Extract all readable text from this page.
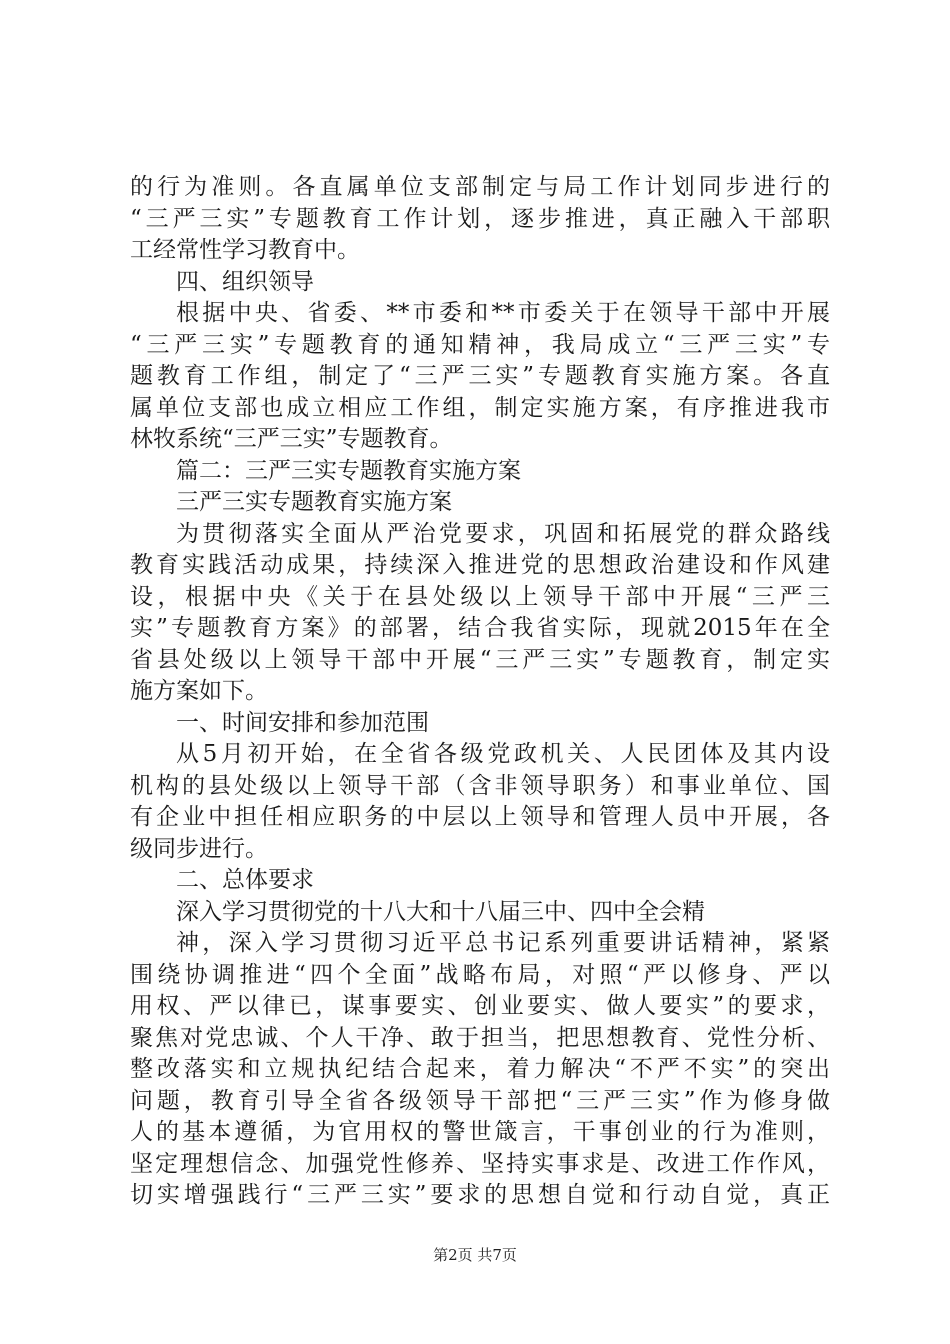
的行为准则。各直属单位支部制定与局工作计划同步进行的
“三严三实”专题教育工作计划，逐步推进，真正融入干部职
工经常性学习教育中。
四、组织领导
根据中央、省委、**市委和**市委关于在领导干部中开展
“三严三实”专题教育的通知精神，我局成立“三严三实”专
题教育工作组，制定了“三严三实”专题教育实施方案。各直
属单位支部也成立相应工作组，制定实施方案，有序推进我市
林牧系统“三严三实”专题教育。
篇二：三严三实专题教育实施方案
三严三实专题教育实施方案
为贯彻落实全面从严治党要求，巩固和拓展党的群众路线
教育实践活动成果，持续深入推进党的思想政治建设和作风建
设，根据中央《关于在县处级以上领导干部中开展“三严三
实”专题教育方案》的部署，结合我省实际，现就2015年在全
省县处级以上领导干部中开展“三严三实”专题教育，制定实
施方案如下。
一、时间安排和参加范围
从5月初开始，在全省各级党政机关、人民团体及其内设
机构的县处级以上领导干部（含非领导职务）和事业单位、国
有企业中担任相应职务的中层以上领导和管理人员中开展，各
级同步进行。
二、总体要求
深入学习贯彻党的十八大和十八届三中、四中全会精
神，深入学习贯彻习近平总书记系列重要讲话精神，紧紧
围绕协调推进“四个全面”战略布局，对照“严以修身、严以
用权、严以律已，谋事要实、创业要实、做人要实”的要求，
聚焦对党忠诚、个人干净、敢于担当，把思想教育、党性分析、
整改落实和立规执纪结合起来，着力解决“不严不实”的突出
问题，教育引导全省各级领导干部把“三严三实”作为修身做
人的基本遵循，为官用权的警世箴言，干事创业的行为准则，
坚定理想信念、加强党性修养、坚持实事求是、改进工作作风，
切实增强践行“三严三实”要求的思想自觉和行动自觉，真正
第2页 共7页
